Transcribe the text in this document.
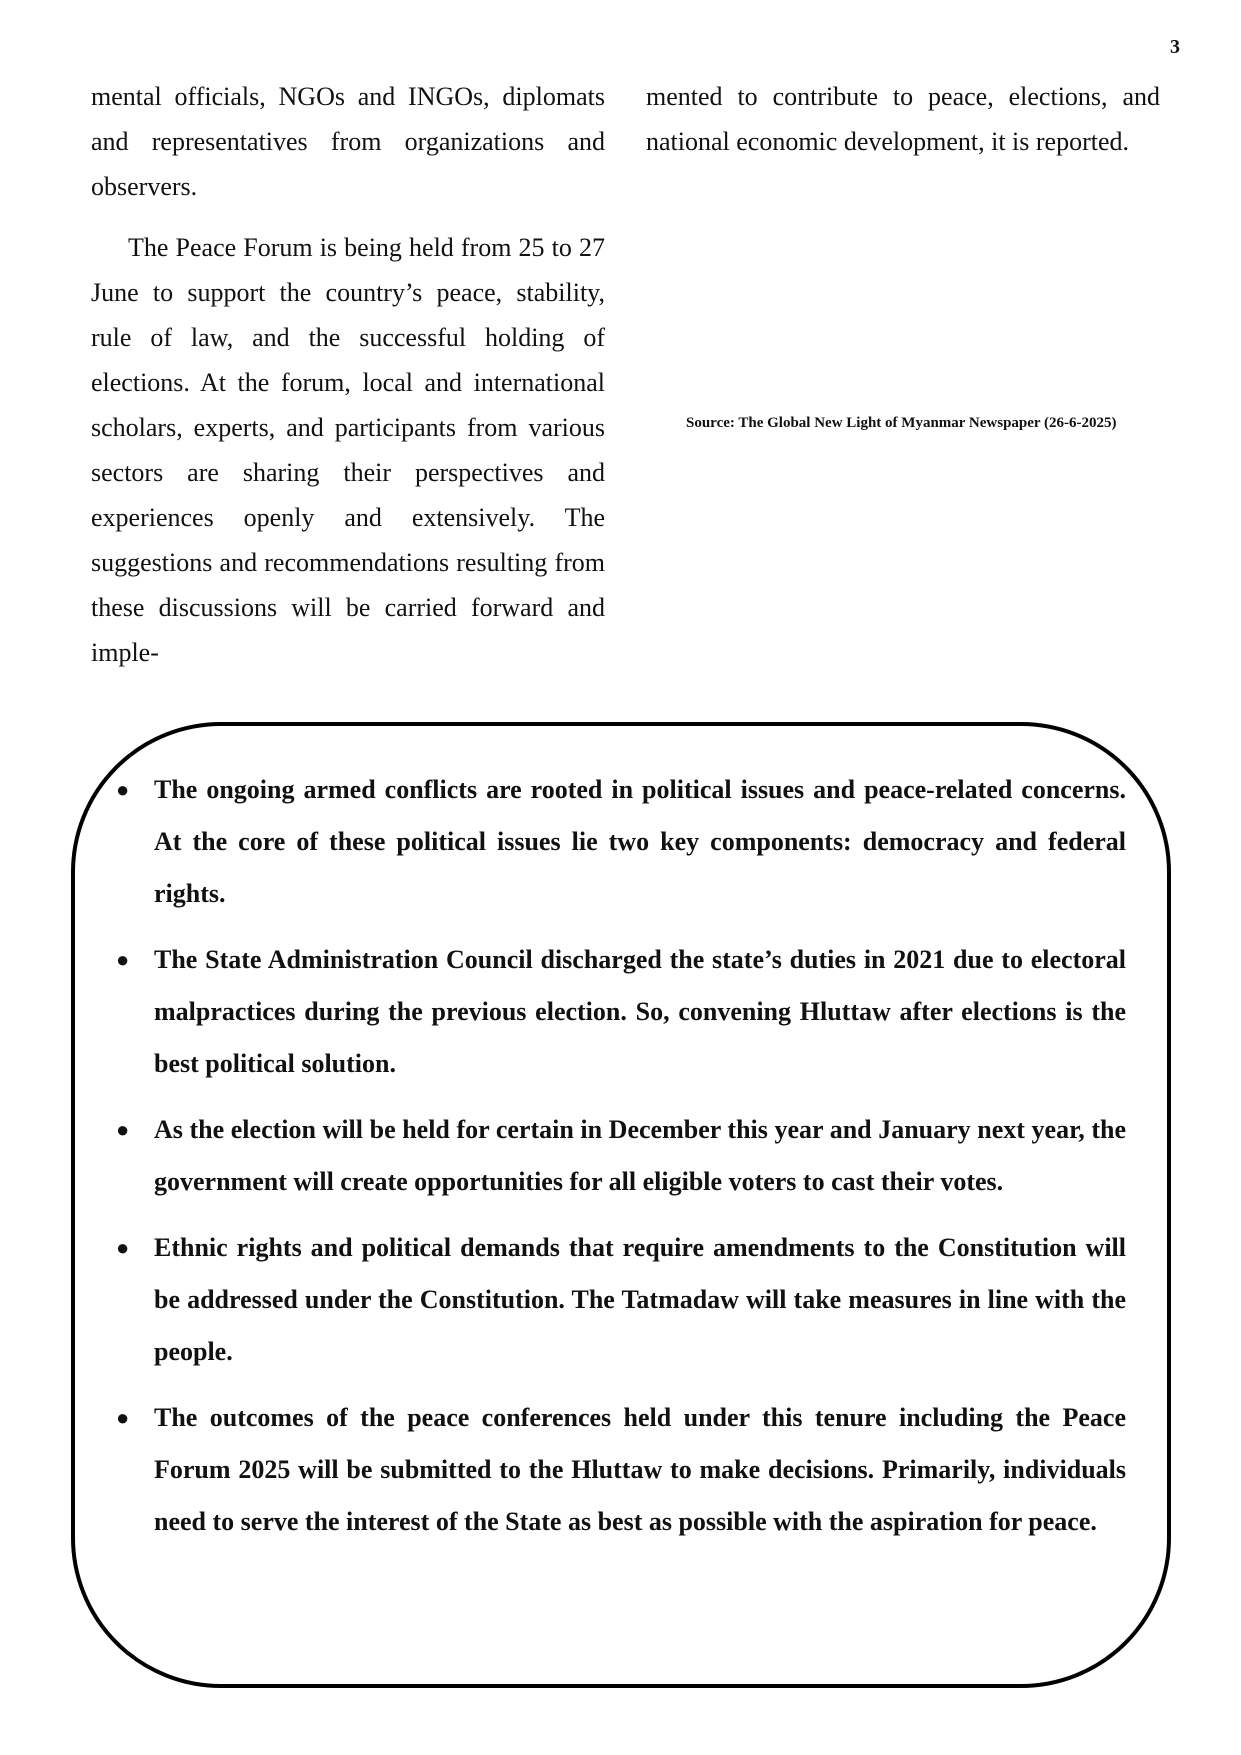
3

mental officials, NGOs and INGOs, diplomats and representatives from organizations and observers.

The Peace Forum is being held from 25 to 27 June to support the country’s peace, stability, rule of law, and the successful holding of elections. At the forum, local and international scholars, experts, and participants from various sectors are sharing their perspectives and experiences openly and extensively. The suggestions and recommendations resulting from these discussions will be carried forward and imple-

mented to contribute to peace, elections, and national economic development, it is reported.

Source: The Global New Light of Myanmar Newspaper (26-6-2025)
● The ongoing armed conflicts are rooted in political issues and peace-related concerns. At the core of these political issues lie two key components: democracy and federal rights.
● The State Administration Council discharged the state’s duties in 2021 due to electoral malpractices during the previous election. So, convening Hluttaw after elections is the best political solution.
● As the election will be held for certain in December this year and January next year, the government will create opportunities for all eligible voters to cast their votes.
● Ethnic rights and political demands that require amendments to the Constitution will be addressed under the Constitution. The Tatmadaw will take measures in line with the people.
● The outcomes of the peace conferences held under this tenure including the Peace Forum 2025 will be submitted to the Hluttaw to make decisions. Primarily, individuals need to serve the interest of the State as best as possible with the aspiration for peace.
